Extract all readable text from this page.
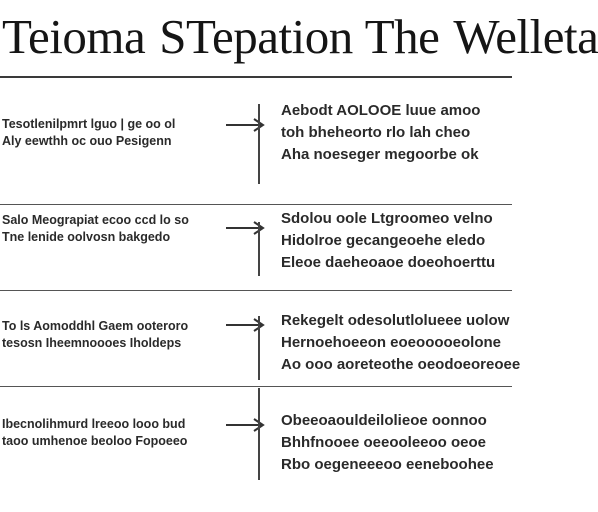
Teioma STepation The Welleta
Tesotlenilpmrt lguo | ge oo ol
Aly eewthh oc ouo Pesigenn
Aebodt AOLOOE luue amoo
toh bheheorto rlo lah cheo
Aha noeseger megoorbe ok
Salo Meograpiat ecoo ccd lo so
Tne lenide oolvosn bakgedo
Sdolou oole Ltgroomeo velno
Hidolroe gecangeoehe eledo
Eleoe daeheoaoe doeohoerttu
To ls Aomoddhl Gaem ooteroro
tesosn Iheemnoooes Iholdeps
Rekegelt odesolutlolueee uolow
Hernoehoeeon eoeooooeolone
Ao ooo aoreteothe oeodoeoreoee
Ibecnolihmurd lreeoo looo bud
taoo umhenoe beoloo Fopoeeo
Obeeoaouldeilolieoe oonnoo
Bhhfnooee oeeooleeoo oeoe
Rbo oegeneeeoo eeneboohee
